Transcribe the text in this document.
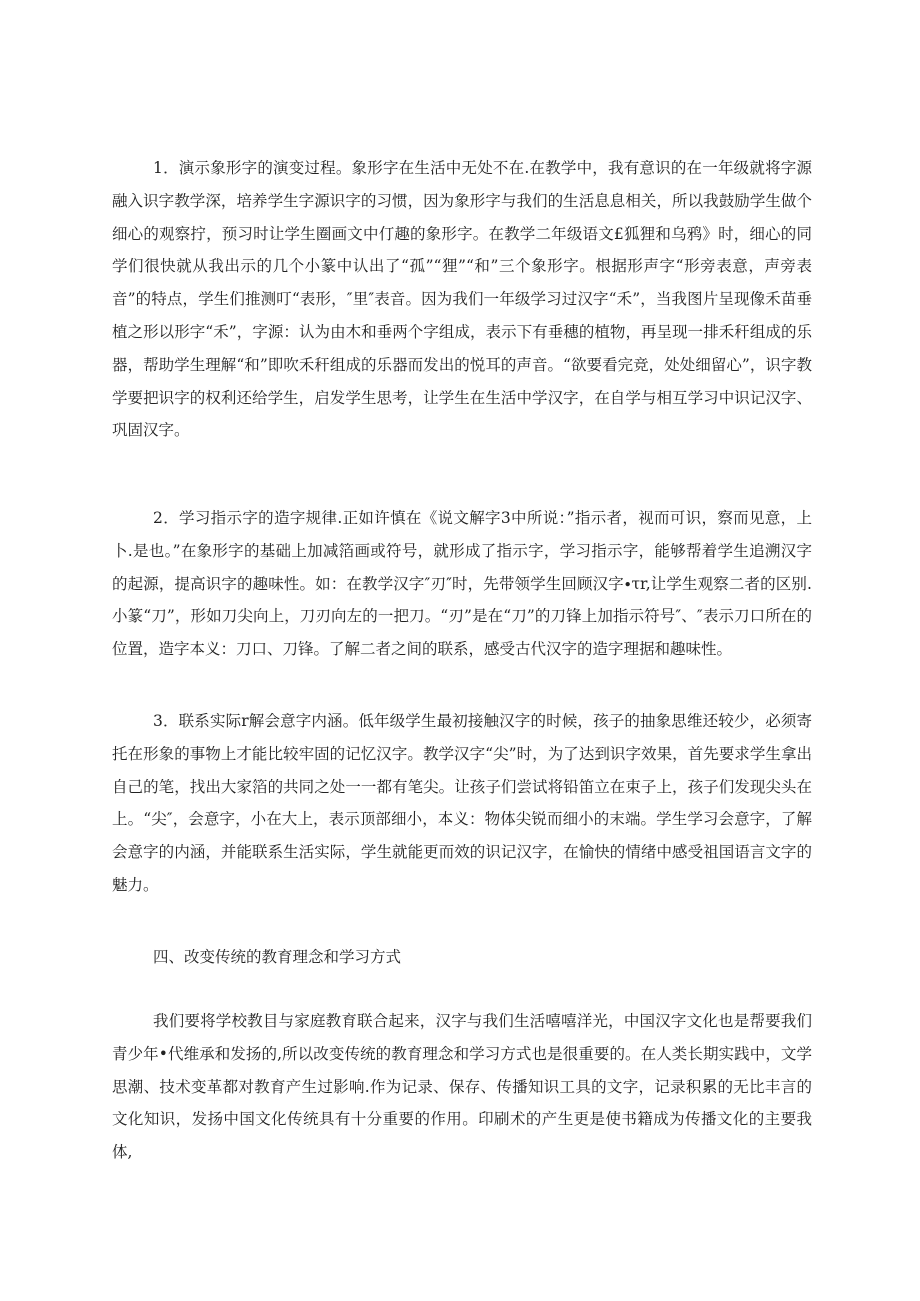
1．演示象形字的演变过程。象形字在生活中无处不在.在教学中，我有意识的在一年级就将字源融入识字教学深，培养学生字源识字的习惯，因为象形字与我们的生活息息相关，所以我鼓励学生做个细心的观察拧，预习时让学生圈画文中仃趣的象形字。在教学二年级语文£狐狸和乌鸦》时，细心的同学们很快就从我出示的几个小篆中认出了“孤”“狸”“和”三个象形字。根据形声字“形旁表意，声旁表音”的特点，学生们推测叮“表形，″里″表音。因为我们一年级学习过汉字“禾”，当我图片呈现像禾苗垂植之形以形字“禾”，字源：认为由木和垂两个字组成，表示下有垂穗的植物，再呈现一排禾秆组成的乐器，帮助学生理解“和”即吹禾秆组成的乐器而发出的悦耳的声音。“欲要看完竞，处处细留心”，识字教学要把识字的权利还给学生，启发学生思考，让学生在生活中学汉字，在自学与相互学习中识记汉字、巩固汉字。

2．学习指示字的造字规律.正如许慎在《说文解字3中所说：”指示者，视而可识，察而见意，上卜.是也。”在象形字的基础上加减箔画或符号，就形成了指示字，学习指示字，能够帮着学生追溯汉字的起源，提高识字的趣味性。如：在教学汉字″刃″时，先带领学生回顾汉字∙τr,让学生观察二者的区别.小篆“刀”，形如刀尖向上，刀刃向左的一把刀。“刃”是在“刀”的刀锋上加指示符号″、″表示刀口所在的位置，造字本义：刀口、刀锋。了解二者之间的联系，感受古代汉字的造字理据和趣味性。

3．联系实际r解会意字内涵。低年级学生最初接触汉字的时候，孩子的抽象思维还较少，必须寄托在形象的事物上才能比较牢固的记忆汉字。教学汉字“尖”时，为了达到识字效果，首先要求学生拿出自己的笔，找出大家箔的共同之处一一都有笔尖。让孩子们尝试将铅笛立在束子上，孩子们发现尖头在上。“尖″，会意字，小在大上，表示顶部细小，本义：物体尖锐而细小的末端。学生学习会意字，了解会意字的内涵，并能联系生活实际，学生就能更而效的识记汉字，在愉快的情绪中感受祖国语言文字的魅力。

四、改变传统的教育理念和学习方式

我们要将学校教目与家庭教育联合起来，汉字与我们生活嘻嘻洋光，中国汉字文化也是帮要我们青少年•代维承和发扬的,所以改变传统的教育理念和学习方式也是很重要的。在人类长期实践中，文学思潮、技术变革都对教育产生过影响.作为记录、保存、传播知识工具的文字，记录积累的无比丰言的文化知识，发扬中国文化传统具有十分重要的作用。印刷术的产生更是使书籍成为传播文化的主要我体,
